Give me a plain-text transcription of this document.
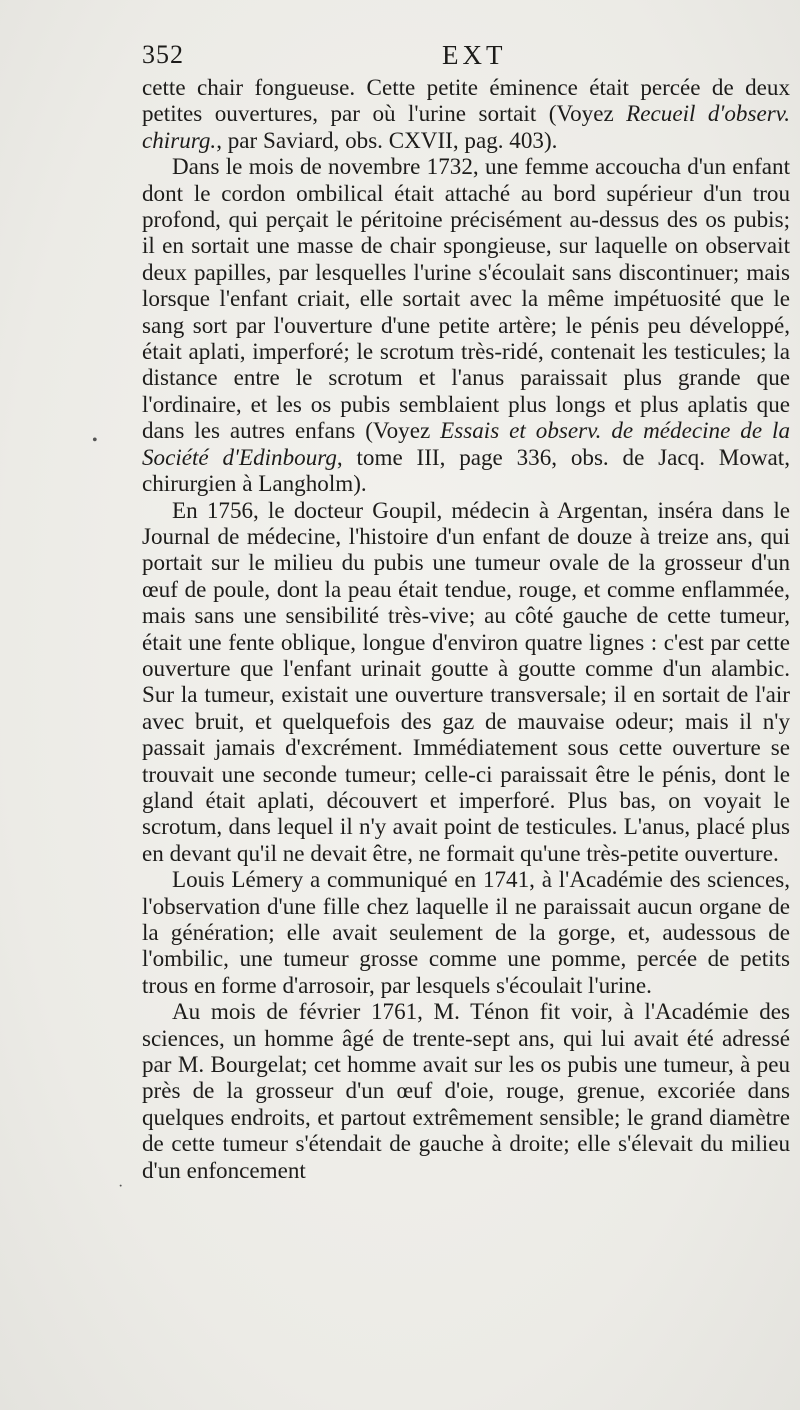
352	EXT
•
·

cette chair fongueuse. Cette petite éminence était percée de deux petites ouvertures, par où l'urine sortait (Voyez Recueil d'observ. chirurg., par Saviard, obs. CXVII, pag. 403).

Dans le mois de novembre 1732, une femme accoucha d'un enfant dont le cordon ombilical était attaché au bord supérieur d'un trou profond, qui perçait le péritoine précisément au-dessus des os pubis; il en sortait une masse de chair spongieuse, sur laquelle on observait deux papilles, par lesquelles l'urine s'écoulait sans discontinuer; mais lorsque l'enfant criait, elle sortait avec la même impétuosité que le sang sort par l'ouverture d'une petite artère; le pénis peu développé, était aplati, imperforé; le scrotum très-ridé, contenait les testicules; la distance entre le scrotum et l'anus paraissait plus grande que l'ordinaire, et les os pubis semblaient plus longs et plus aplatis que dans les autres enfans (Voyez Essais et observ. de médecine de la Société d'Edinbourg, tome III, page 336, obs. de Jacq. Mowat, chirurgien à Langholm).

En 1756, le docteur Goupil, médecin à Argentan, inséra dans le Journal de médecine, l'histoire d'un enfant de douze à treize ans, qui portait sur le milieu du pubis une tumeur ovale de la grosseur d'un œuf de poule, dont la peau était tendue, rouge, et comme enflammée, mais sans une sensibilité très-vive; au côté gauche de cette tumeur, était une fente oblique, longue d'environ quatre lignes : c'est par cette ouverture que l'enfant urinait goutte à goutte comme d'un alambic. Sur la tumeur, existait une ouverture transversale; il en sortait de l'air avec bruit, et quelquefois des gaz de mauvaise odeur; mais il n'y passait jamais d'excrément. Immédiatement sous cette ouverture se trouvait une seconde tumeur; celle-ci paraissait être le pénis, dont le gland était aplati, découvert et imperforé. Plus bas, on voyait le scrotum, dans lequel il n'y avait point de testicules. L'anus, placé plus en devant qu'il ne devait être, ne formait qu'une très-petite ouverture.

Louis Lémery a communiqué en 1741, à l'Académie des sciences, l'observation d'une fille chez laquelle il ne paraissait aucun organe de la génération; elle avait seulement de la gorge, et, audessous de l'ombilic, une tumeur grosse comme une pomme, percée de petits trous en forme d'arrosoir, par lesquels s'écoulait l'urine.

Au mois de février 1761, M. Ténon fit voir, à l'Académie des sciences, un homme âgé de trente-sept ans, qui lui avait été adressé par M. Bourgelat; cet homme avait sur les os pubis une tumeur, à peu près de la grosseur d'un œuf d'oie, rouge, grenue, excoriée dans quelques endroits, et partout extrêmement sensible; le grand diamètre de cette tumeur s'étendait de gauche à droite; elle s'élevait du milieu d'un enfoncement
